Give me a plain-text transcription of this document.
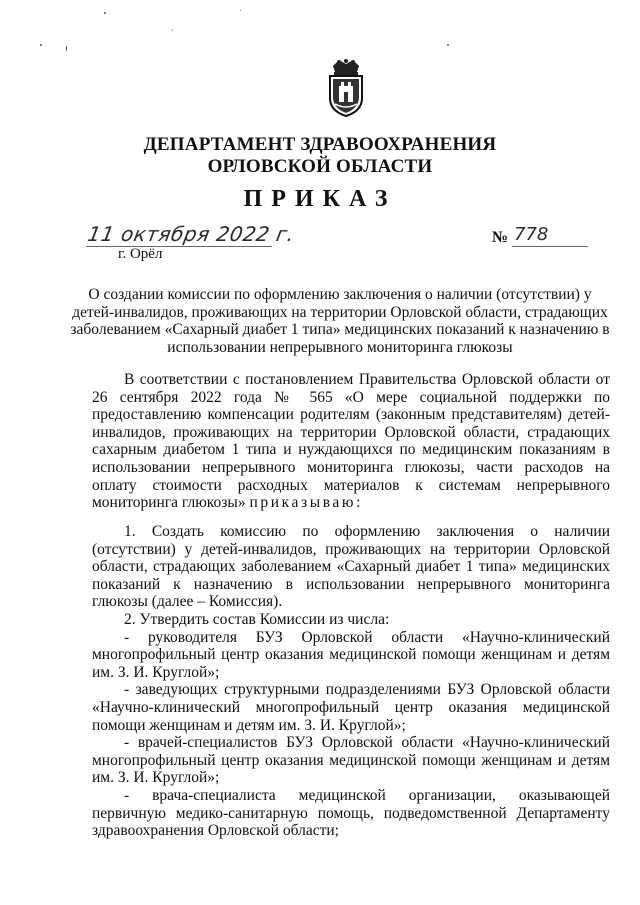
ДЕПАРТАМЕНТ ЗДРАВООХРАНЕНИЯ
ОРЛОВСКОЙ ОБЛАСТИ
ПРИКАЗ
11 октября 2022 г.
г. Орёл
№ 778
О создании комиссии по оформлению заключения о наличии (отсутствии) у детей-инвалидов, проживающих на территории Орловской области, страдающих заболеванием «Сахарный диабет 1 типа» медицинских показаний к назначению в использовании непрерывного мониторинга глюкозы

В соответствии с постановлением Правительства Орловской области от 26 сентября 2022 года № 565 «О мере социальной поддержки по предоставлению компенсации родителям (законным представителям) детей-инвалидов, проживающих на территории Орловской области, страдающих сахарным диабетом 1 типа и нуждающихся по медицинским показаниям в использовании непрерывного мониторинга глюкозы, части расходов на оплату стоимости расходных материалов к системам непрерывного мониторинга глюкозы» приказываю:

1. Создать комиссию по оформлению заключения о наличии (отсутствии) у детей-инвалидов, проживающих на территории Орловской области, страдающих заболеванием «Сахарный диабет 1 типа» медицинских показаний к назначению в использовании непрерывного мониторинга глюкозы (далее – Комиссия).

2. Утвердить состав Комиссии из числа:

- руководителя БУЗ Орловской области «Научно-клинический многопрофильный центр оказания медицинской помощи женщинам и детям им. З. И. Круглой»;

- заведующих структурными подразделениями БУЗ Орловской области «Научно-клинический многопрофильный центр оказания медицинской помощи женщинам и детям им. З. И. Круглой»;

- врачей-специалистов БУЗ Орловской области «Научно-клинический многопрофильный центр оказания медицинской помощи женщинам и детям им. З. И. Круглой»;

- врача-специалиста медицинской организации, оказывающей первичную медико-санитарную помощь, подведомственной Департаменту здравоохранения Орловской области;
